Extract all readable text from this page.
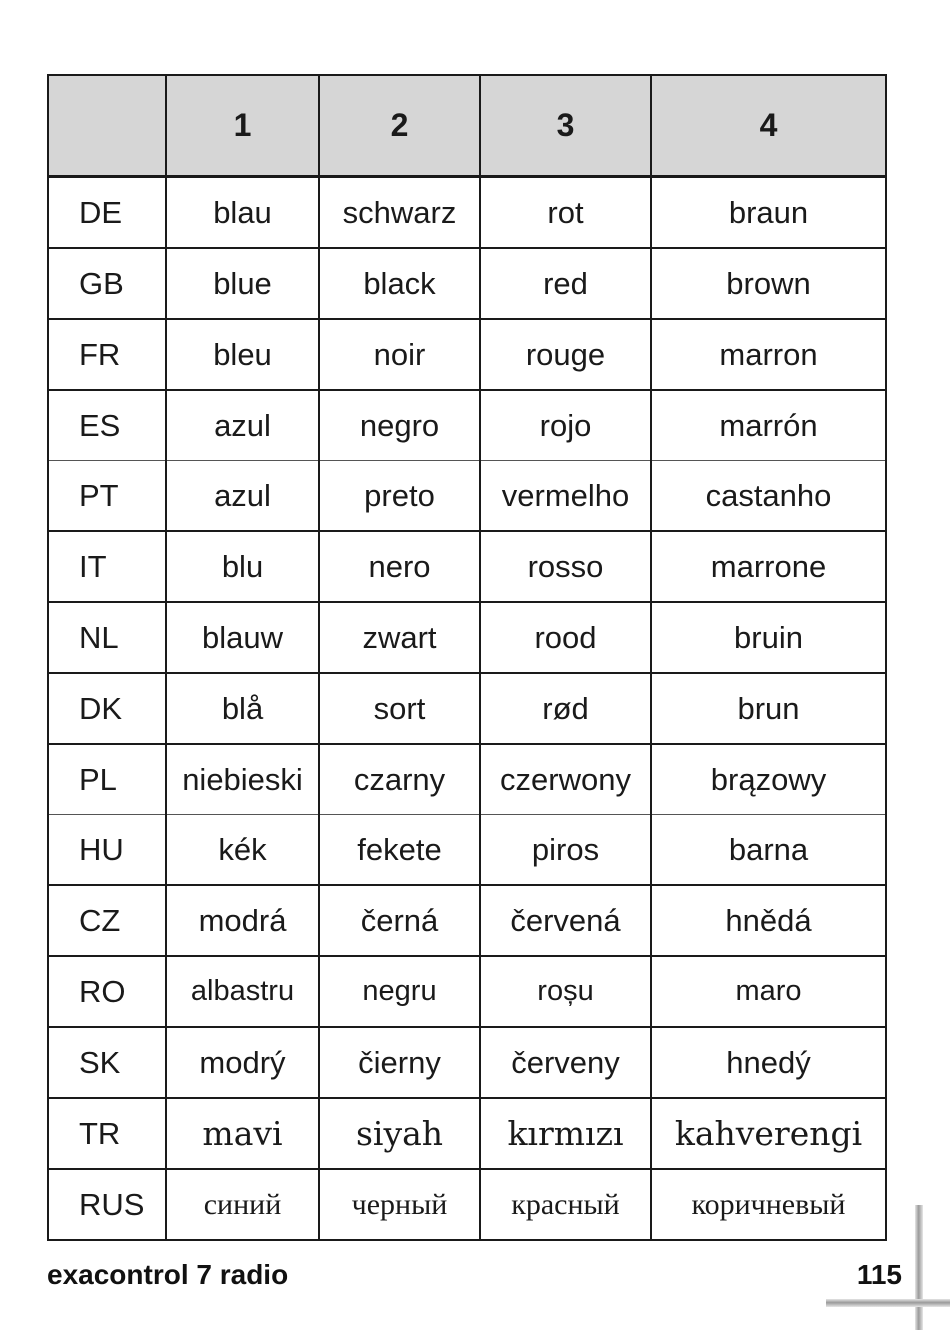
	1	2	3	4
DE	blau	schwarz	rot	braun
GB	blue	black	red	brown
FR	bleu	noir	rouge	marron
ES	azul	negro	rojo	marrón
PT	azul	preto	vermelho	castanho
IT	blu	nero	rosso	marrone
NL	blauw	zwart	rood	bruin
DK	blå	sort	rød	brun
PL	niebieski	czarny	czerwony	brązowy
HU	kék	fekete	piros	barna
CZ	modrá	černá	červená	hnědá
RO	albastru	negru	roșu	maro
SK	modrý	čierny	červeny	hnedý
TR	mavi	siyah	kırmızı	kahverengi
RUS	синий	черный	красный	коричневый
exacontrol 7 radio	115
